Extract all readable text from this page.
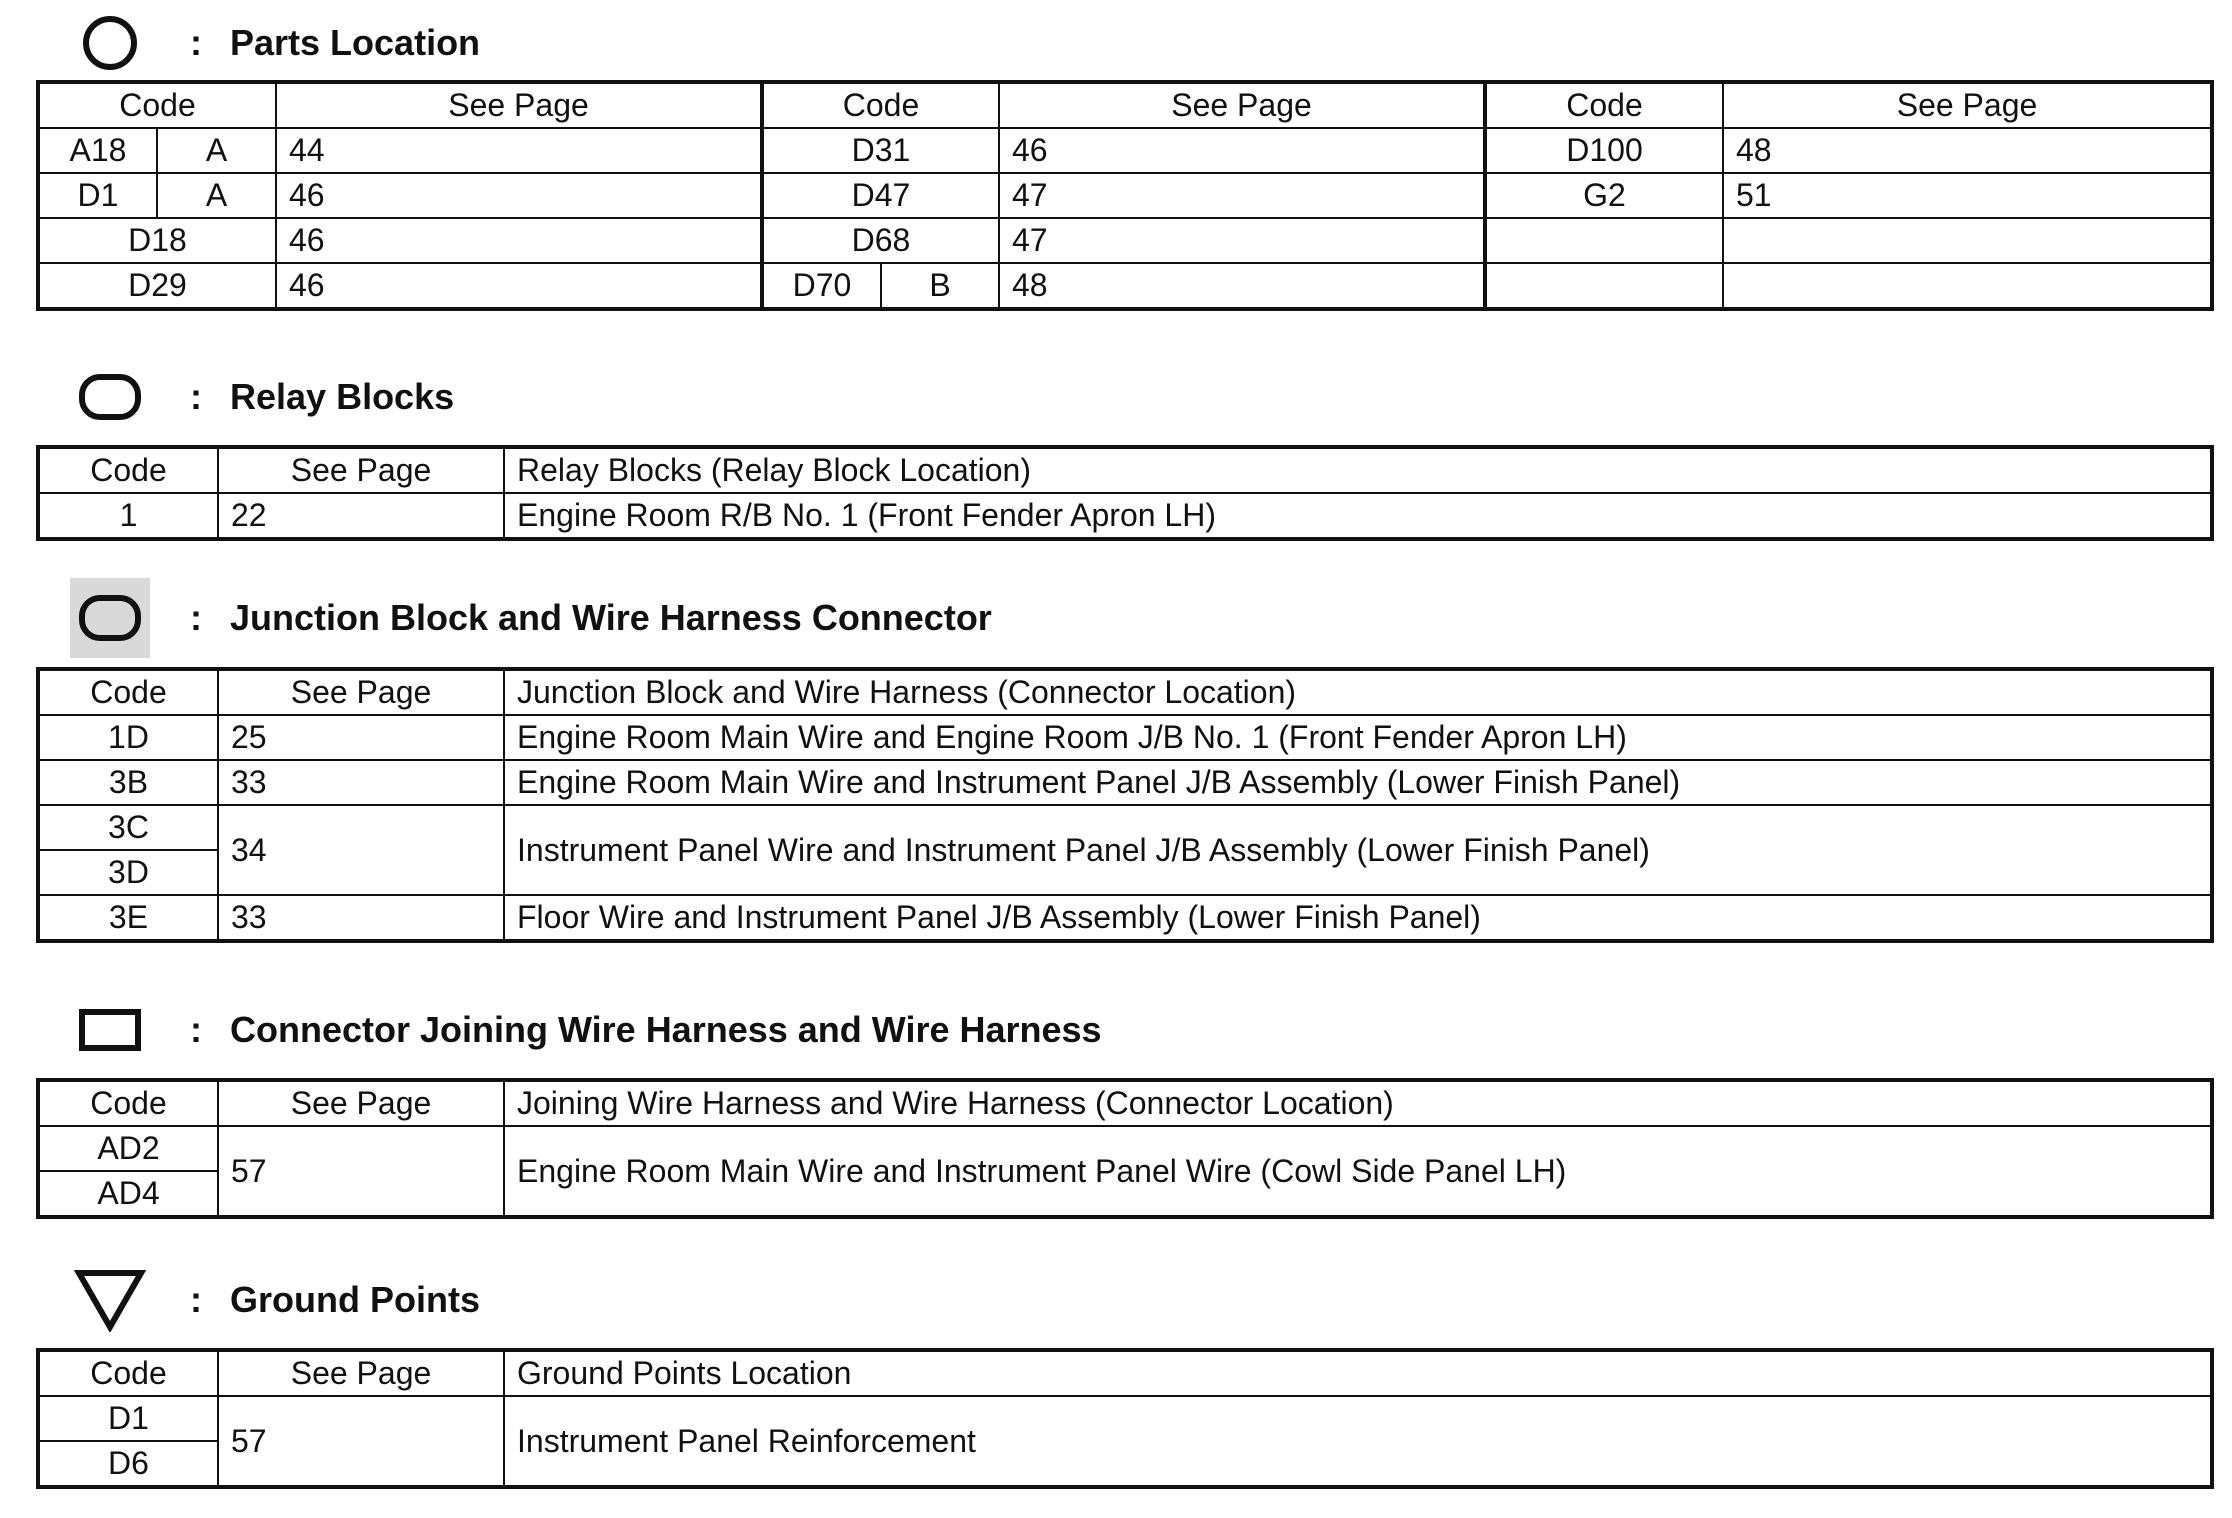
: Parts Location
Code		See Page	Code		See Page	Code	See Page
A18	A	44	D31		46	D100	48
D1	A	46	D47		47	G2	51
D18		46	D68		47		
D29		46	D70	B	48		
: Relay Blocks
Code	See Page	Relay Blocks (Relay Block Location)
1	22	Engine Room R/B No. 1 (Front Fender Apron LH)
: Junction Block and Wire Harness Connector
Code	See Page	Junction Block and Wire Harness (Connector Location)
1D	25	Engine Room Main Wire and Engine Room J/B No. 1 (Front Fender Apron LH)
3B	33	Engine Room Main Wire and Instrument Panel J/B Assembly (Lower Finish Panel)
3C	34	Instrument Panel Wire and Instrument Panel J/B Assembly (Lower Finish Panel)
3D		
3E	33	Floor Wire and Instrument Panel J/B Assembly (Lower Finish Panel)
: Connector Joining Wire Harness and Wire Harness
Code	See Page	Joining Wire Harness and Wire Harness (Connector Location)
AD2	57	Engine Room Main Wire and Instrument Panel Wire (Cowl Side Panel LH)
AD4		
: Ground Points
Code	See Page	Ground Points Location
D1	57	Instrument Panel Reinforcement
D6		
